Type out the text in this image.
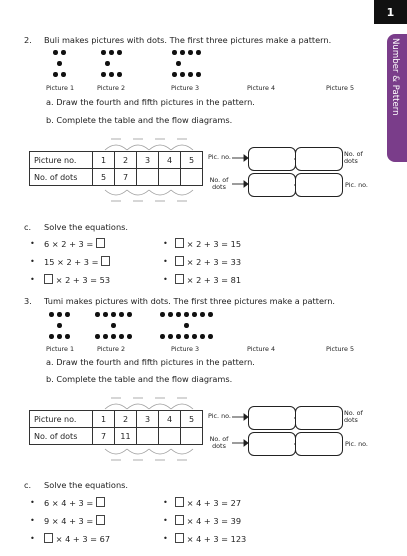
1
Number & Pattern
2. Buli makes pictures with dots. The first three pictures make a pattern.
Picture 1	Picture 2	Picture 3	Picture 4	Picture 5
a. Draw the fourth and fifth pictures in the pattern.
b. Complete the table and the flow diagrams.
Picture no.	1	2	3	4	5
No. of dots	5	7			
Pic. no.	No. of dots
No. of dots	Pic. no.
c. Solve the equations.
• 6 × 2 + 3 =
• 15 × 2 + 3 =
•	× 2 + 3 = 53
•	× 2 + 3 = 15
•	× 2 + 3 = 33
•	× 2 + 3 = 81
3. Tumi makes pictures with dots. The first three pictures make a pattern.
Picture 1	Picture 2	Picture 3	Picture 4	Picture 5
a. Draw the fourth and fifth pictures in the pattern.
b. Complete the table and the flow diagrams.
Picture no.	1	2	3	4	5
No. of dots	7	11			
Pic. no.	No. of dots
No. of dots	Pic. no.
c. Solve the equations.
• 6 × 4 + 3 =
• 9 × 4 + 3 =
•	× 4 + 3 = 67
•	× 4 + 3 = 27
•	× 4 + 3 = 39
•	× 4 + 3 = 123
